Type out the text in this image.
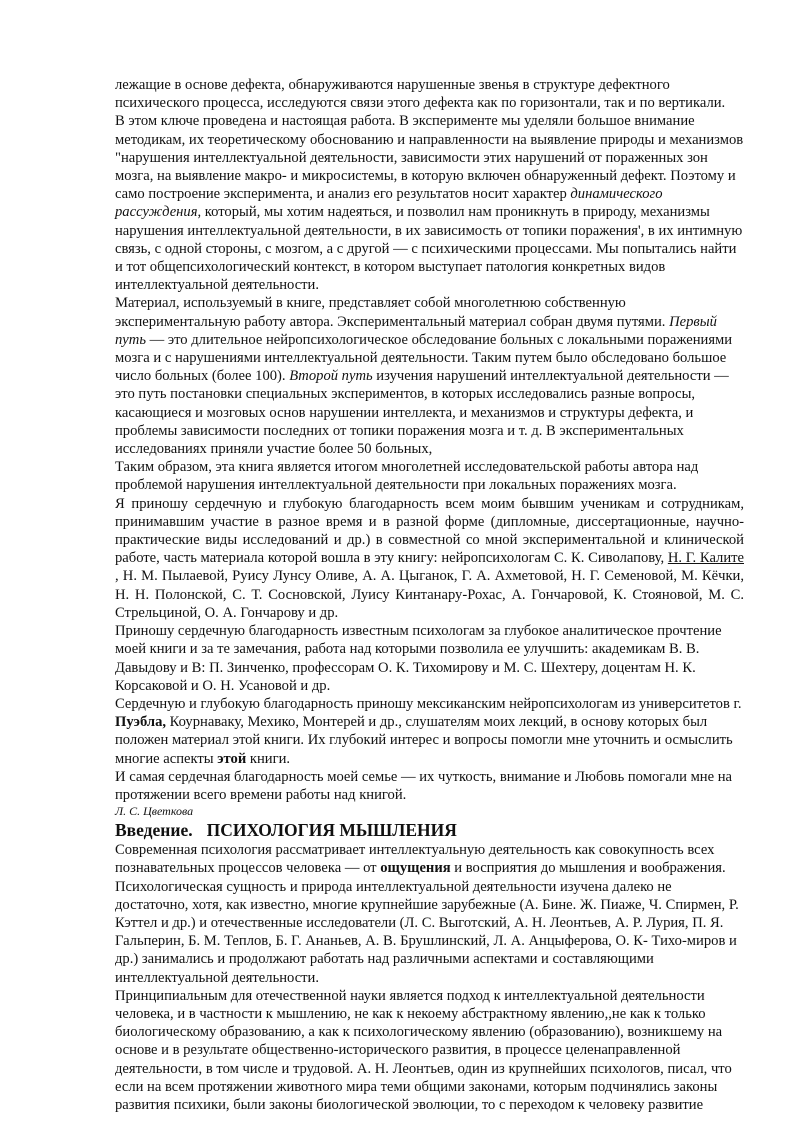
лежащие в основе дефекта, обнаруживаются нарушенные звенья в структуре дефектного
психического процесса, исследуются связи этого дефекта как по горизонтали, так и по вертикали.

В этом ключе проведена и настоящая работа. В эксперименте мы уделяли большое внимание методикам, их теоретическому обоснованию и направленности на выявление природы и механизмов "нарушения интеллектуальной деятельности, зависимости этих нарушений от пораженных зон мозга, на выявление макро- и микросистемы, в которую включен обнаруженный дефект. Поэтому и само построение эксперимента, и анализ его результатов носит характер динамического рассуждения, который, мы хотим надеяться, и позволил нам проникнуть в природу, механизмы нарушения интеллектуальной деятельности, в их зависимость от топики поражения', в их интимную связь, с одной стороны, с мозгом, а с другой — с психическими процессами. Мы попытались найти и тот общепсихологический контекст, в котором выступает патология конкретных видов интеллектуальной деятельности.

Материал, используемый в книге, представляет собой многолетнюю собственную экспериментальную работу автора. Экспериментальный материал собран двумя путями. Первый путь — это длительное нейропсихологическое обследование больных с локальными поражениями мозга и с нарушениями интеллектуальной деятельности. Таким путем было обследовано большое число больных (более 100). Второй путь изучения нарушений интеллектуальной деятельности — это путь постановки специальных экспериментов, в которых исследовались разные вопросы, касающиеся и мозговых основ нарушении интеллекта, и механизмов и структуры дефекта, и проблемы зависимости последних от топики поражения мозга и т. д. В экспериментальных исследованиях приняли участие более 50 больных,

Таким образом, эта книга является итогом многолетней исследовательской работы автора над проблемой нарушения интеллектуальной деятельности при локальных поражениях мозга.

Я приношу сердечную и глубокую благодарность всем моим бывшим ученикам и сотрудникам, принимавшим участие в разное время и в разной форме (дипломные, диссертационные, научно-практические виды исследований и др.) в совместной со мной экспериментальной и клинической работе, часть материала которой вошла в эту книгу: нейропсихологам С. К. Сиволапову, Н. Г. Калите , Н. М. Пылаевой, Руису Лунсу Оливе, А. А. Цыганок, Г. А. Ахметовой, Н. Г. Семеновой, М. Кёчки, Н. Н. Полонской, С. Т. Сосновской, Луису Кинтанару-Рохас, А. Гончаровой, К. Стояновой, М. С. Стрельциной, О. А. Гончарову и др.

Приношу сердечную благодарность известным психологам за глубокое аналитическое прочтение моей книги и за те замечания, работа над которыми позволила ее улучшить: академикам В. В. Давыдову и В: П. Зинченко, профессорам О. К. Тихомирову и М. С. Шехтеру, доцентам Н. К. Корсаковой и О. Н. Усановой и др.

Сердечную и глубокую благодарность приношу мексиканским нейропсихологам из университетов г. Пуэбла, Коурнаваку, Мехико, Монтерей и др., слушателям моих лекций, в основу которых был положен материал этой книги. Их глубокий интерес и вопросы помогли мне уточнить и осмыслить многие аспекты этой книги.

И самая сердечная благодарность моей семье — их чуткость, внимание и Любовь помогали мне на протяжении всего времени работы над книгой.

Л. С. Цветкова

Введение. ПСИХОЛОГИЯ МЫШЛЕНИЯ

Современная психология рассматривает интеллектуальную деятельность как совокупность всех познавательных процессов человека — от ощущения и восприятия до мышления и воображения. Психологическая сущность и природа интеллектуальной деятельности изучена далеко не достаточно, хотя, как известно, многие крупнейшие зарубежные (А. Бине. Ж. Пиаже, Ч. Спирмен, Р. Кэттел и др.) и отечественные исследователи (Л. С. Выготский, А. Н. Леонтьев, А. Р. Лурия, П. Я. Гальперин, Б. М. Теплов, Б. Г. Ананьев, А. В. Брушлинский, Л. А. Анцыферова, О. К- Тихо-миров и др.) занимались и продолжают работать над различными аспектами и составляющими интеллектуальной деятельности.

Принципиальным для отечественной науки является подход к интеллектуальной деятельности человека, и в частности к мышлению, не как к некоему абстрактному явлению,,не как к только биологическому образованию, а как к психологическому явлению (образованию), возникшему на основе и в результате общественно-исторического развития, в процессе целенаправленной деятельности, в том числе и трудовой. А. Н. Леонтьев, один из крупнейших психологов, писал, что если на всем протяжении животного мира теми общими законами, которым подчинялись законы развития психики, были законы биологической эволюции, то с переходом к человеку развитие
